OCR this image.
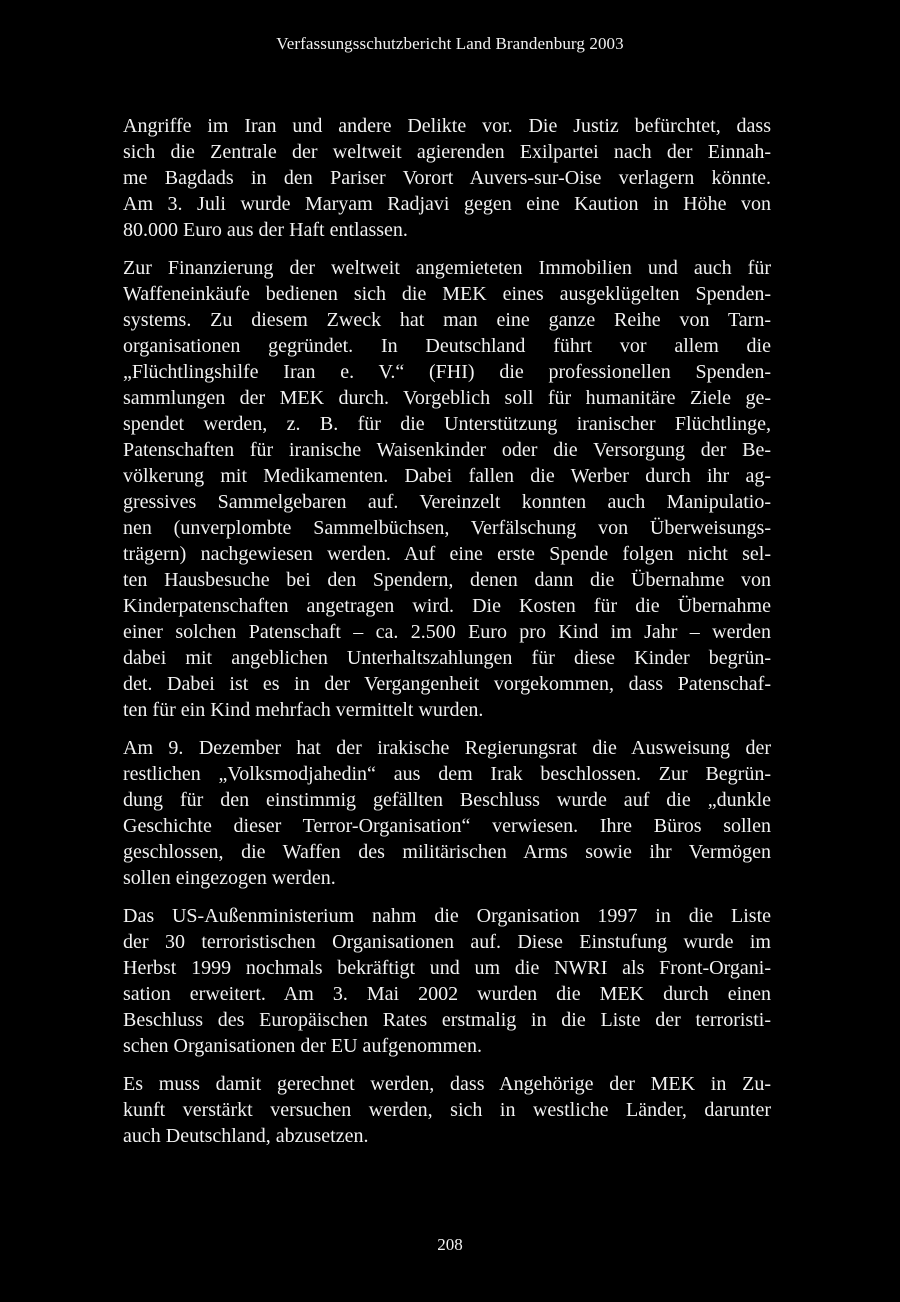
Verfassungsschutzbericht Land Brandenburg 2003
Angriffe im Iran und andere Delikte vor. Die Justiz befürchtet, dass
sich die Zentrale der weltweit agierenden Exilpartei nach der Einnah-
me Bagdads in den Pariser Vorort Auvers-sur-Oise verlagern könnte.
Am 3. Juli wurde Maryam Radjavi gegen eine Kaution in Höhe von
80.000 Euro aus der Haft entlassen.
Zur Finanzierung der weltweit angemieteten Immobilien und auch für
Waffeneinkäufe bedienen sich die MEK eines ausgeklügelten Spenden-
systems. Zu diesem Zweck hat man eine ganze Reihe von Tarn-
organisationen gegründet. In Deutschland führt vor allem die
„Flüchtlingshilfe Iran e. V.“ (FHI) die professionellen Spenden-
sammlungen der MEK durch. Vorgeblich soll für humanitäre Ziele ge-
spendet werden, z. B. für die Unterstützung iranischer Flüchtlinge,
Patenschaften für iranische Waisenkinder oder die Versorgung der Be-
völkerung mit Medikamenten. Dabei fallen die Werber durch ihr ag-
gressives Sammelgebaren auf. Vereinzelt konnten auch Manipulatio-
nen (unverplombte Sammelbüchsen, Verfälschung von Überweisungs-
trägern) nachgewiesen werden. Auf eine erste Spende folgen nicht sel-
ten Hausbesuche bei den Spendern, denen dann die Übernahme von
Kinderpatenschaften angetragen wird. Die Kosten für die Übernahme
einer solchen Patenschaft – ca. 2.500 Euro pro Kind im Jahr – werden
dabei mit angeblichen Unterhaltszahlungen für diese Kinder begrün-
det. Dabei ist es in der Vergangenheit vorgekommen, dass Patenschaf-
ten für ein Kind mehrfach vermittelt wurden.
Am 9. Dezember hat der irakische Regierungsrat die Ausweisung der
restlichen „Volksmodjahedin“ aus dem Irak beschlossen. Zur Begrün-
dung für den einstimmig gefällten Beschluss wurde auf die „dunkle
Geschichte dieser Terror-Organisation“ verwiesen. Ihre Büros sollen
geschlossen, die Waffen des militärischen Arms sowie ihr Vermögen
sollen eingezogen werden.
Das US-Außenministerium nahm die Organisation 1997 in die Liste
der 30 terroristischen Organisationen auf. Diese Einstufung wurde im
Herbst 1999 nochmals bekräftigt und um die NWRI als Front-Organi-
sation erweitert. Am 3. Mai 2002 wurden die MEK durch einen
Beschluss des Europäischen Rates erstmalig in die Liste der terroristi-
schen Organisationen der EU aufgenommen.
Es muss damit gerechnet werden, dass Angehörige der MEK in Zu-
kunft verstärkt versuchen werden, sich in westliche Länder, darunter
auch Deutschland, abzusetzen.
208
